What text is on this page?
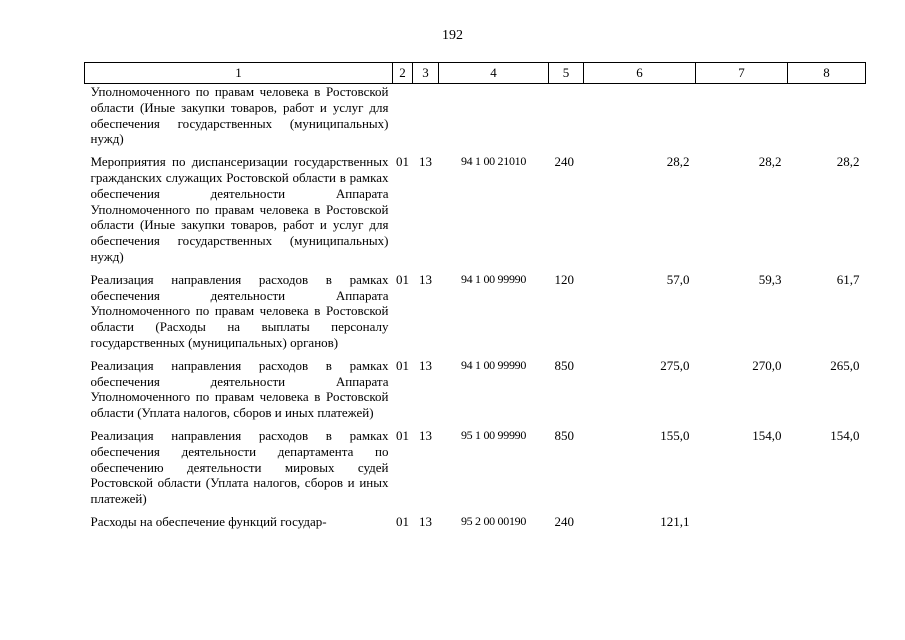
192
1	2	3	4	5	6	7	8
Уполномоченного по правам человека в Ростовской области (Иные закупки товаров, работ и услуг для обеспечения государственных (муниципальных) нужд)							
Мероприятия по диспансеризации государственных гражданских служащих Ростовской области в рамках обеспечения деятельности Аппарата Уполномоченного по правам человека в Ростовской области (Иные закупки товаров, работ и услуг для обеспечения государственных (муниципальных) нужд)	01	13	94 1 00 21010	240	28,2	28,2	28,2
Реализация направления расходов в рамках обеспечения деятельности Аппарата Уполномоченного по правам человека в Ростовской области (Расходы на выплаты персоналу государственных (муниципальных) органов)	01	13	94 1 00 99990	120	57,0	59,3	61,7
Реализация направления расходов в рамках обеспечения деятельности Аппарата Уполномоченного по правам человека в Ростовской области (Уплата налогов, сборов и иных платежей)	01	13	94 1 00 99990	850	275,0	270,0	265,0
Реализация направления расходов в рамках обеспечения деятельности департамента по обеспечению деятельности мировых судей Ростовской области (Уплата налогов, сборов и иных платежей)	01	13	95 1 00 99990	850	155,0	154,0	154,0
Расходы на обеспечение функций государ-	01	13	95 2 00 00190	240	121,1		
